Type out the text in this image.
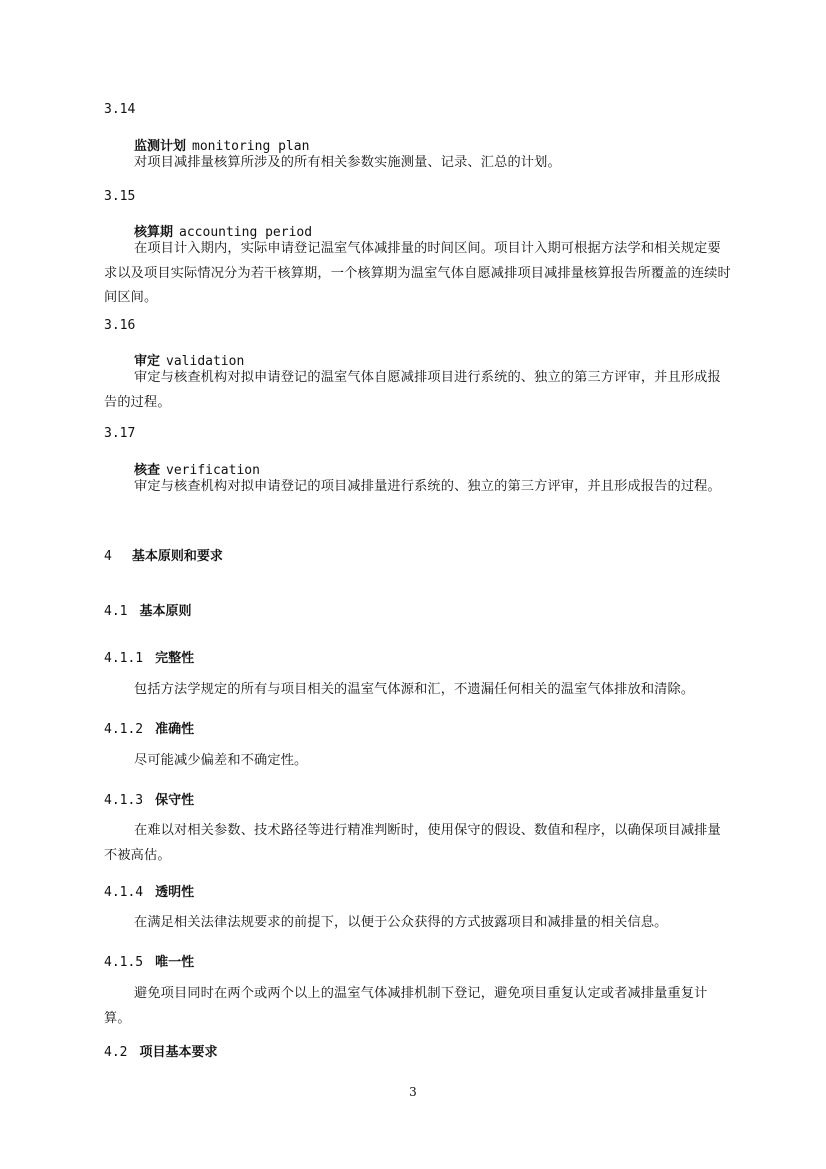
3.14
监测计划 monitoring plan
对项目减排量核算所涉及的所有相关参数实施测量、记录、汇总的计划。
3.15
核算期 accounting period
在项目计入期内，实际申请登记温室气体减排量的时间区间。项目计入期可根据方法学和相关规定要求以及项目实际情况分为若干核算期，一个核算期为温室气体自愿减排项目减排量核算报告所覆盖的连续时间区间。
3.16
审定 validation
审定与核查机构对拟申请登记的温室气体自愿减排项目进行系统的、独立的第三方评审，并且形成报告的过程。
3.17
核查 verification
审定与核查机构对拟申请登记的项目减排量进行系统的、独立的第三方评审，并且形成报告的过程。
4 基本原则和要求
4.1 基本原则
4.1.1 完整性
包括方法学规定的所有与项目相关的温室气体源和汇，不遗漏任何相关的温室气体排放和清除。
4.1.2 准确性
尽可能减少偏差和不确定性。
4.1.3 保守性
在难以对相关参数、技术路径等进行精准判断时，使用保守的假设、数值和程序，以确保项目减排量不被高估。
4.1.4 透明性
在满足相关法律法规要求的前提下，以便于公众获得的方式披露项目和减排量的相关信息。
4.1.5 唯一性
避免项目同时在两个或两个以上的温室气体减排机制下登记，避免项目重复认定或者减排量重复计算。
4.2 项目基本要求
3
